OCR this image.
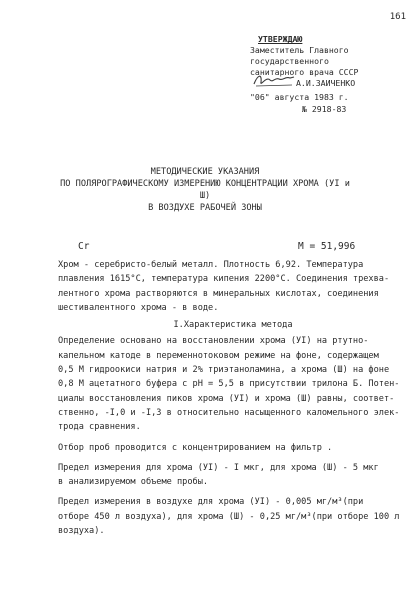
161
УТВЕРЖДАЮ
Заместитель Главного
государственного
санитарного врача СССР
А.И.ЗАИЧЕНКО
"06" августа 1983 г.
№ 2918-83
МЕТОДИЧЕСКИЕ УКАЗАНИЯ
ПО ПОЛЯРОГРАФИЧЕСКОМУ ИЗМЕРЕНИЮ КОНЦЕНТРАЦИИ ХРОМА (УI и Ш)
В ВОЗДУХЕ РАБОЧЕЙ ЗОНЫ
Cr	M = 51,996

Хром - серебристо-белый металл. Плотность 6,92. Температура

плавления 1615°С, температура кипения 2200°С. Соединения трехва-

лентного хрома растворяются в минеральных кислотах, соединения

шестивалентного хрома - в воде.

I.Характеристика метода

Определение основано на восстановлении хрома (УI) на ртутно-

капельном катоде в переменнотоковом режиме на фоне, содержащем

0,5 М гидроокиси натрия и 2% триэтаноламина, а хрома (Ш) на фоне

0,8 М ацетатного буфера с рН = 5,5 в присутствии трилона Б. Потен-

циалы восстановления пиков хрома (УI) и хрома (Ш) равны, соответ-

ственно, -I,0 и -I,3 в относительно насыщенного каломельного элек-

трода сравнения.

Отбор проб проводится с концентрированием на фильтр .

Предел измерения для хрома (УI) - I мкг, для хрома (Ш) - 5 мкг

в анализируемом объеме пробы.

Предел измерения в воздухе для хрома (УI) - 0,005 мг/м³(при

отборе 450 л воздуха), для хрома (Ш) - 0,25 мг/м³(при отборе 100 л

воздуха).
